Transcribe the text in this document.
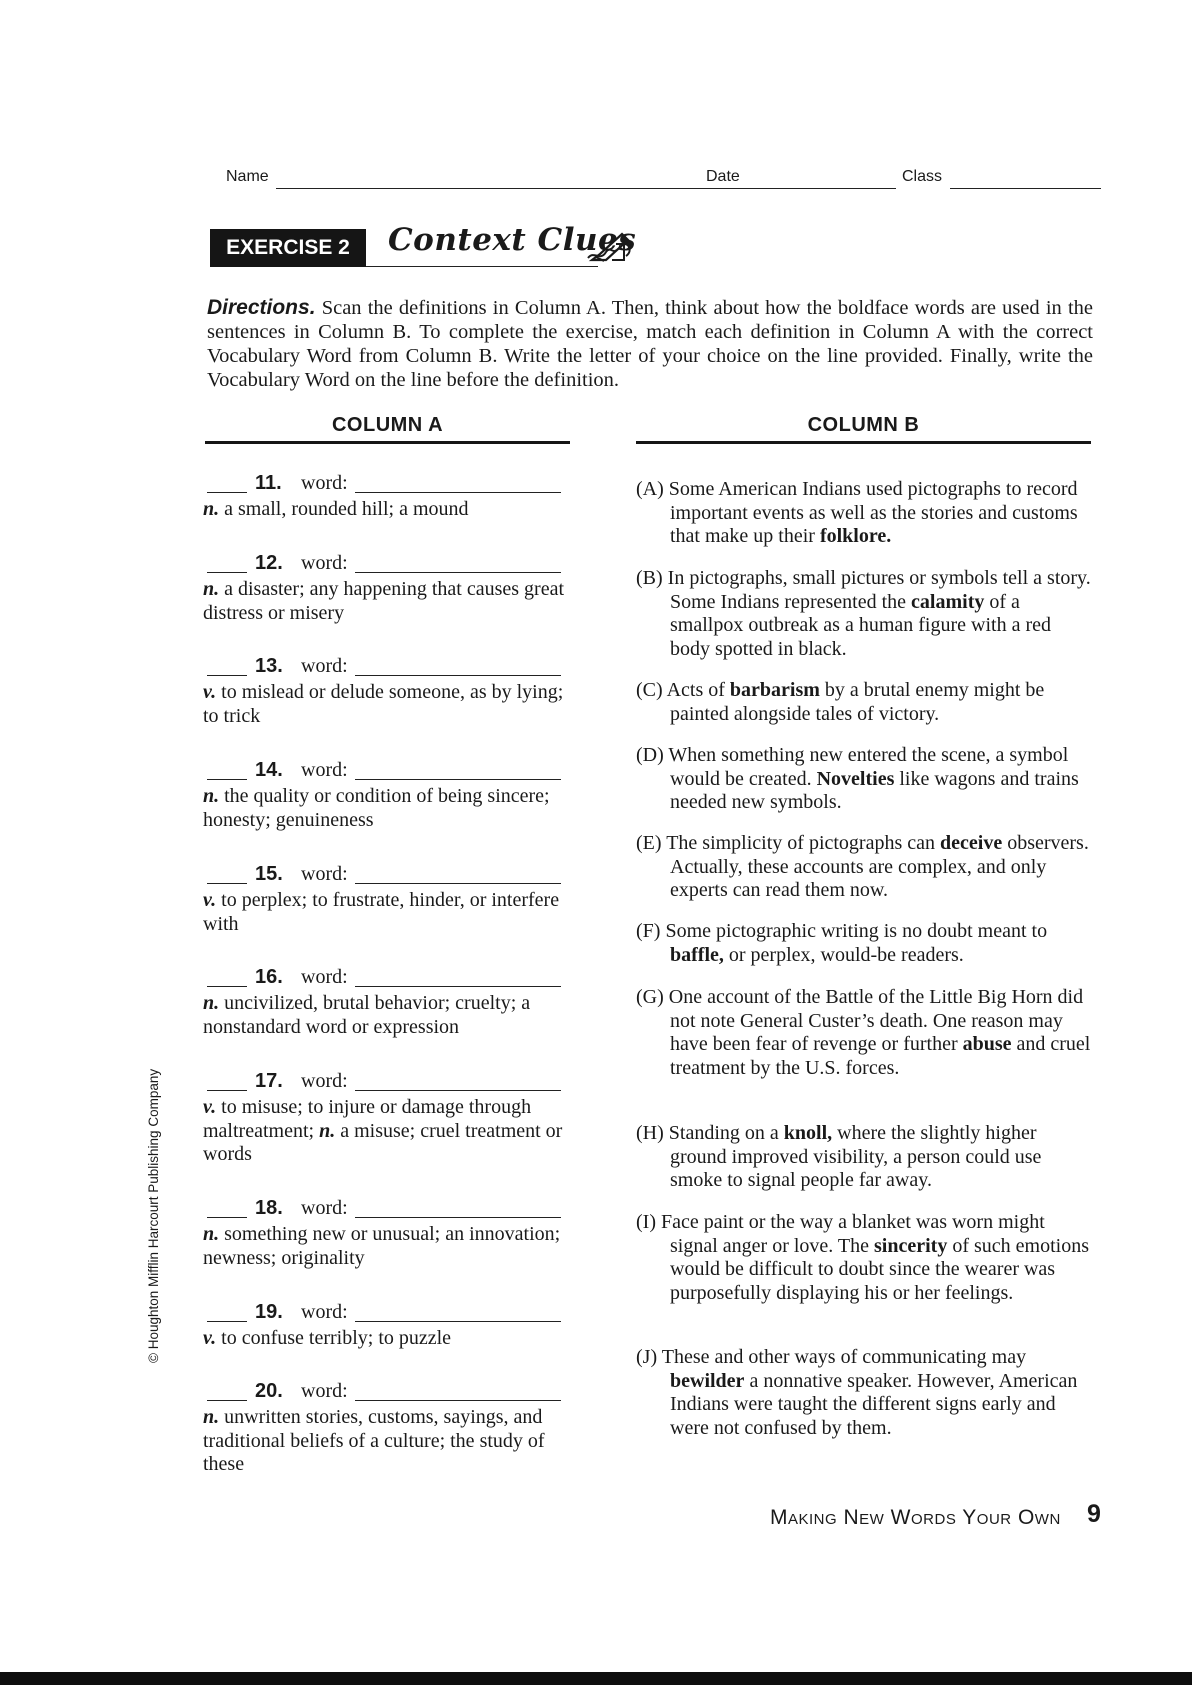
Name	Date	Class
EXERCISE 2	Context Clues
Directions. Scan the definitions in Column A. Then, think about how the boldface words are used in the sentences in Column B. To complete the exercise, match each definition in Column A with the correct Vocabulary Word from Column B. Write the letter of your choice on the line provided. Finally, write the Vocabulary Word on the line before the definition.
COLUMN A	COLUMN B
11. word:
n. a small, rounded hill; a mound
12. word:
n. a disaster; any happening that causes great distress or misery
13. word:
v. to mislead or delude someone, as by lying; to trick
14. word:
n. the quality or condition of being sincere; honesty; genuineness
15. word:
v. to perplex; to frustrate, hinder, or interfere with
16. word:
n. uncivilized, brutal behavior; cruelty; a nonstandard word or expression
17. word:
v. to misuse; to injure or damage through maltreatment; n. a misuse; cruel treatment or words
18. word:
n. something new or unusual; an innovation; newness; originality
19. word:
v. to confuse terribly; to puzzle
20. word:
n. unwritten stories, customs, sayings, and traditional beliefs of a culture; the study of these
(A) Some American Indians used pictographs to record important events as well as the stories and customs that make up their folklore.
(B) In pictographs, small pictures or symbols tell a story. Some Indians represented the calamity of a smallpox outbreak as a human figure with a red body spotted in black.
(C) Acts of barbarism by a brutal enemy might be painted alongside tales of victory.
(D) When something new entered the scene, a symbol would be created. Novelties like wagons and trains needed new symbols.
(E) The simplicity of pictographs can deceive observers. Actually, these accounts are complex, and only experts can read them now.
(F) Some pictographic writing is no doubt meant to baffle, or perplex, would-be readers.
(G) One account of the Battle of the Little Big Horn did not note General Custer’s death. One reason may have been fear of revenge or further abuse and cruel treatment by the U.S. forces.
(H) Standing on a knoll, where the slightly higher ground improved visibility, a person could use smoke to signal people far away.
(I) Face paint or the way a blanket was worn might signal anger or love. The sincerity of such emotions would be difficult to doubt since the wearer was purposefully displaying his or her feelings.
(J) These and other ways of communicating may bewilder a nonnative speaker. However, American Indians were taught the different signs early and were not confused by them.
© Houghton Mifflin Harcourt Publishing Company
Making New Words Your Own 9
